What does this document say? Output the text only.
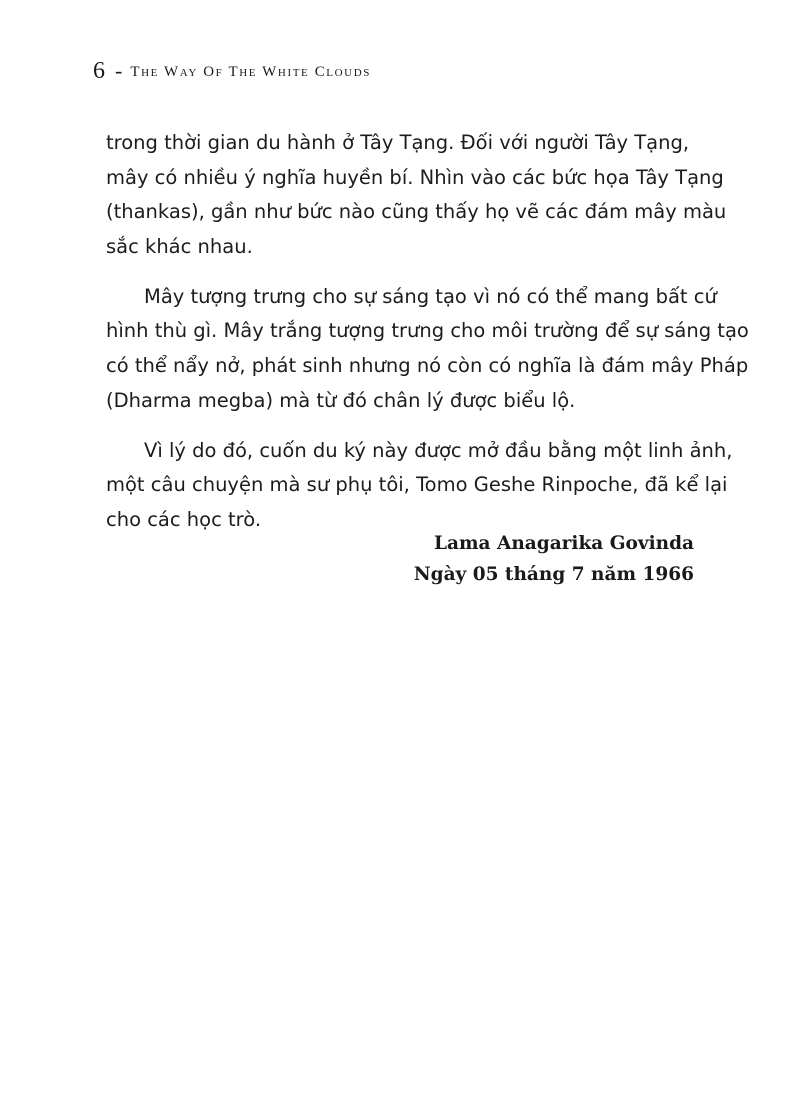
6 - The Way Of The White Clouds

trong thời gian du hành ở Tây Tạng. Đối với người Tây Tạng,
mây có nhiều ý nghĩa huyền bí. Nhìn vào các bức họa Tây Tạng
(thankas), gần như bức nào cũng thấy họ vẽ các đám mây màu
sắc khác nhau.

Mây tượng trưng cho sự sáng tạo vì nó có thể mang bất cứ
hình thù gì. Mây trắng tượng trưng cho môi trường để sự sáng tạo
có thể nẩy nở, phát sinh nhưng nó còn có nghĩa là đám mây Pháp
(Dharma megba) mà từ đó chân lý được biểu lộ.

Vì lý do đó, cuốn du ký này được mở đầu bằng một linh ảnh,
một câu chuyện mà sư phụ tôi, Tomo Geshe Rinpoche, đã kể lại
cho các học trò.

Lama Anagarika Govinda
Ngày 05 tháng 7 năm 1966
